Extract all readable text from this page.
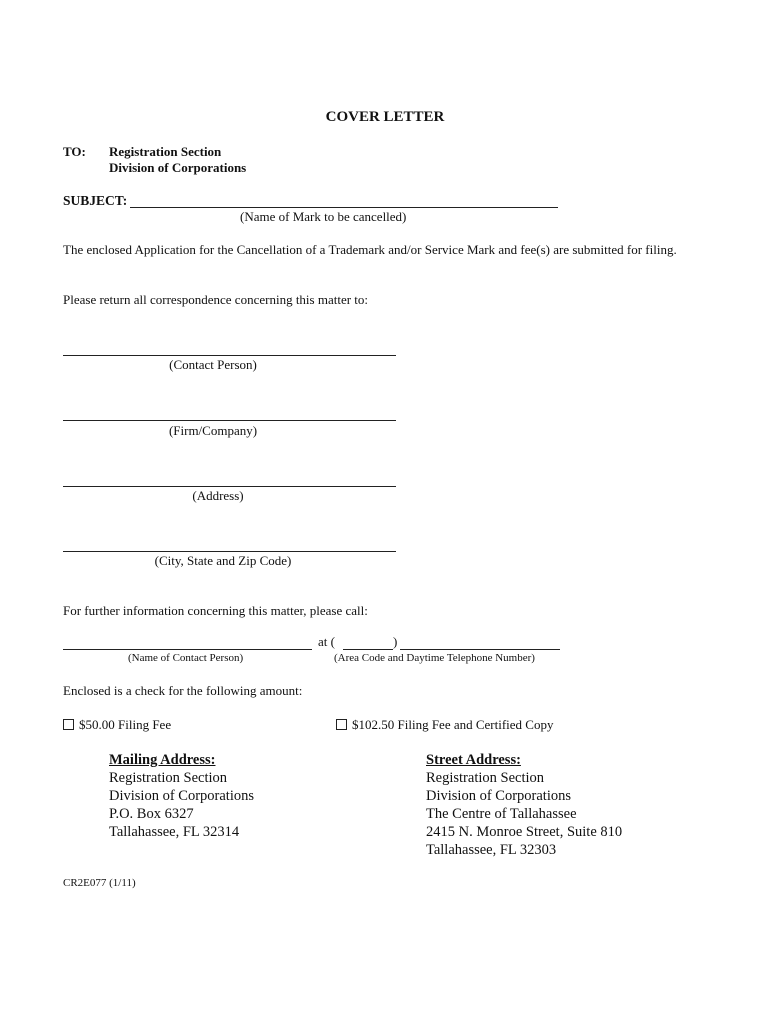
COVER LETTER
TO: Registration Section
Division of Corporations
SUBJECT:
(Name of Mark to be cancelled)
The enclosed Application for the Cancellation of a Trademark and/or Service Mark and fee(s) are submitted for filing.
Please return all correspondence concerning this matter to:
(Contact Person)
(Firm/Company)
(Address)
(City, State and Zip Code)
For further information concerning this matter, please call:
at (	)
(Name of Contact Person)	(Area Code and Daytime Telephone Number)
Enclosed is a check for the following amount:
$50.00 Filing Fee	$102.50 Filing Fee and Certified Copy
Mailing Address:
Registration Section
Division of Corporations
P.O. Box 6327
Tallahassee, FL 32314
Street Address:
Registration Section
Division of Corporations
The Centre of Tallahassee
2415 N. Monroe Street, Suite 810
Tallahassee, FL 32303
CR2E077 (1/11)
